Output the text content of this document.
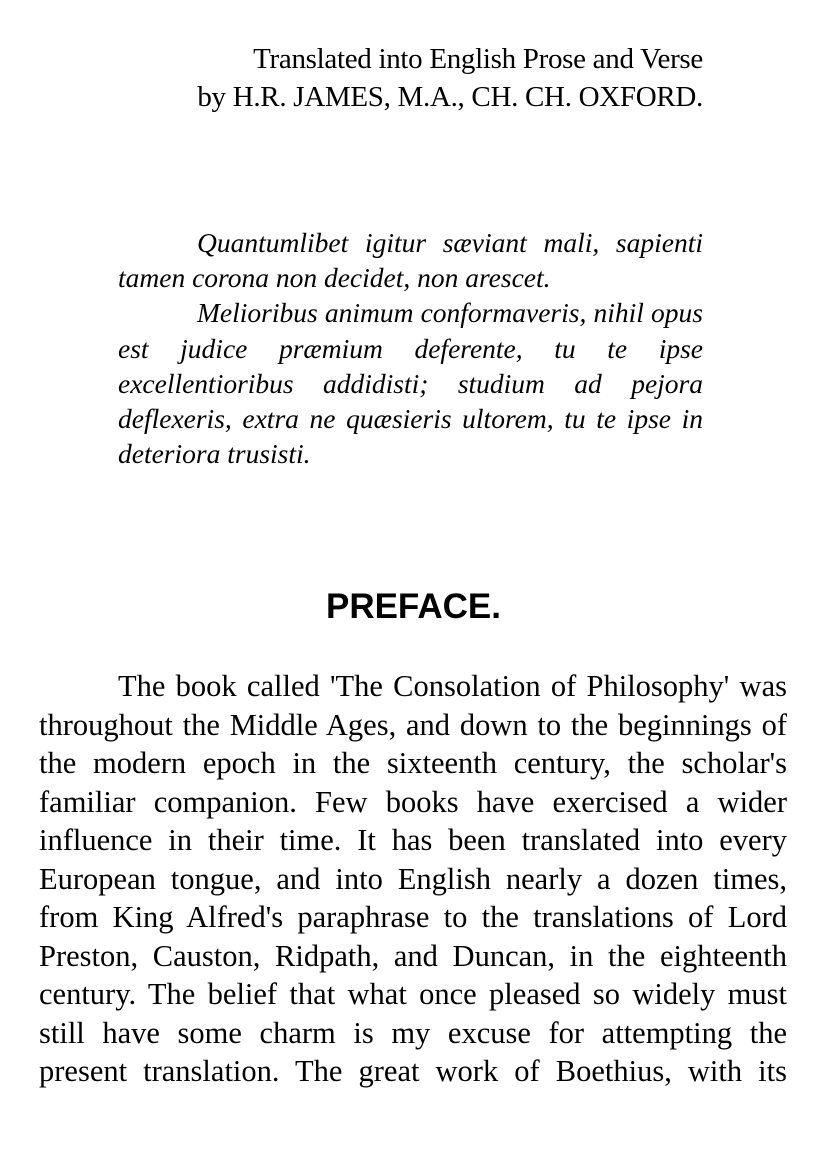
Translated into English Prose and Verse
by H.R. JAMES, M.A., CH. CH. OXFORD.

Quantumlibet igitur sæviant mali, sapienti tamen corona non decidet, non arescet.

Melioribus animum conformaveris, nihil opus est judice præmium deferente, tu te ipse excellentioribus addidisti; studium ad pejora deflexeris, extra ne quæsieris ultorem, tu te ipse in deteriora trusisti.

PREFACE.

The book called 'The Consolation of Philosophy' was throughout the Middle Ages, and down to the beginnings of the modern epoch in the sixteenth century, the scholar's familiar companion. Few books have exercised a wider influence in their time. It has been translated into every European tongue, and into English nearly a dozen times, from King Alfred's paraphrase to the translations of Lord Preston, Causton, Ridpath, and Duncan, in the eighteenth century. The belief that what once pleased so widely must still have some charm is my excuse for attempting the present translation. The great work of Boethius, with its
